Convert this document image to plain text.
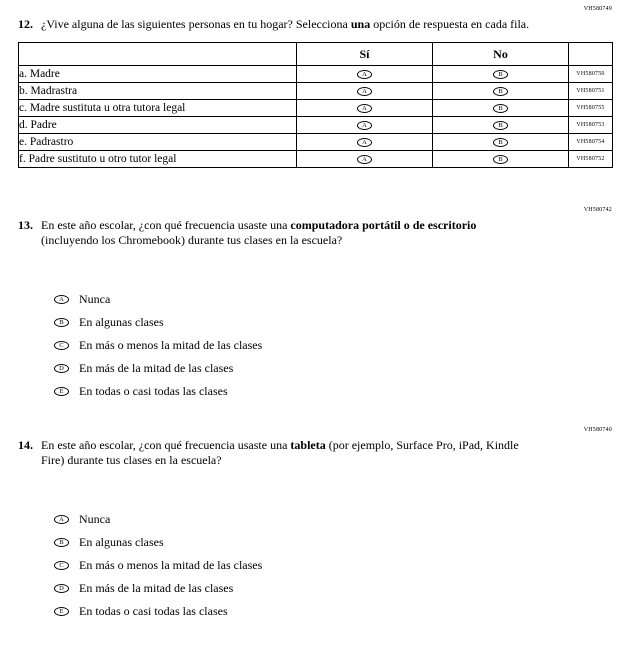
VH580749
12. ¿Vive alguna de las siguientes personas en tu hogar? Selecciona una opción de respuesta en cada fila.
	Sí	No	
a. Madre	A	B	VH580750
b. Madrastra	A	B	VH580751
c. Madre sustituta u otra tutora legal	A	B	VH580755
d. Padre	A	B	VH580753
e. Padrastro	A	B	VH580754
f. Padre sustituto u otro tutor legal	A	B	VH580752
VH580742
13. En este año escolar, ¿con qué frecuencia usaste una computadora portátil o de escritorio (incluyendo los Chromebook) durante tus clases en la escuela?
A	Nunca
B	En algunas clases
C	En más o menos la mitad de las clases
D	En más de la mitad de las clases
E	En todas o casi todas las clases
VH580740
14. En este año escolar, ¿con qué frecuencia usaste una tableta (por ejemplo, Surface Pro, iPad, Kindle Fire) durante tus clases en la escuela?
A	Nunca
B	En algunas clases
C	En más o menos la mitad de las clases
D	En más de la mitad de las clases
E	En todas o casi todas las clases
